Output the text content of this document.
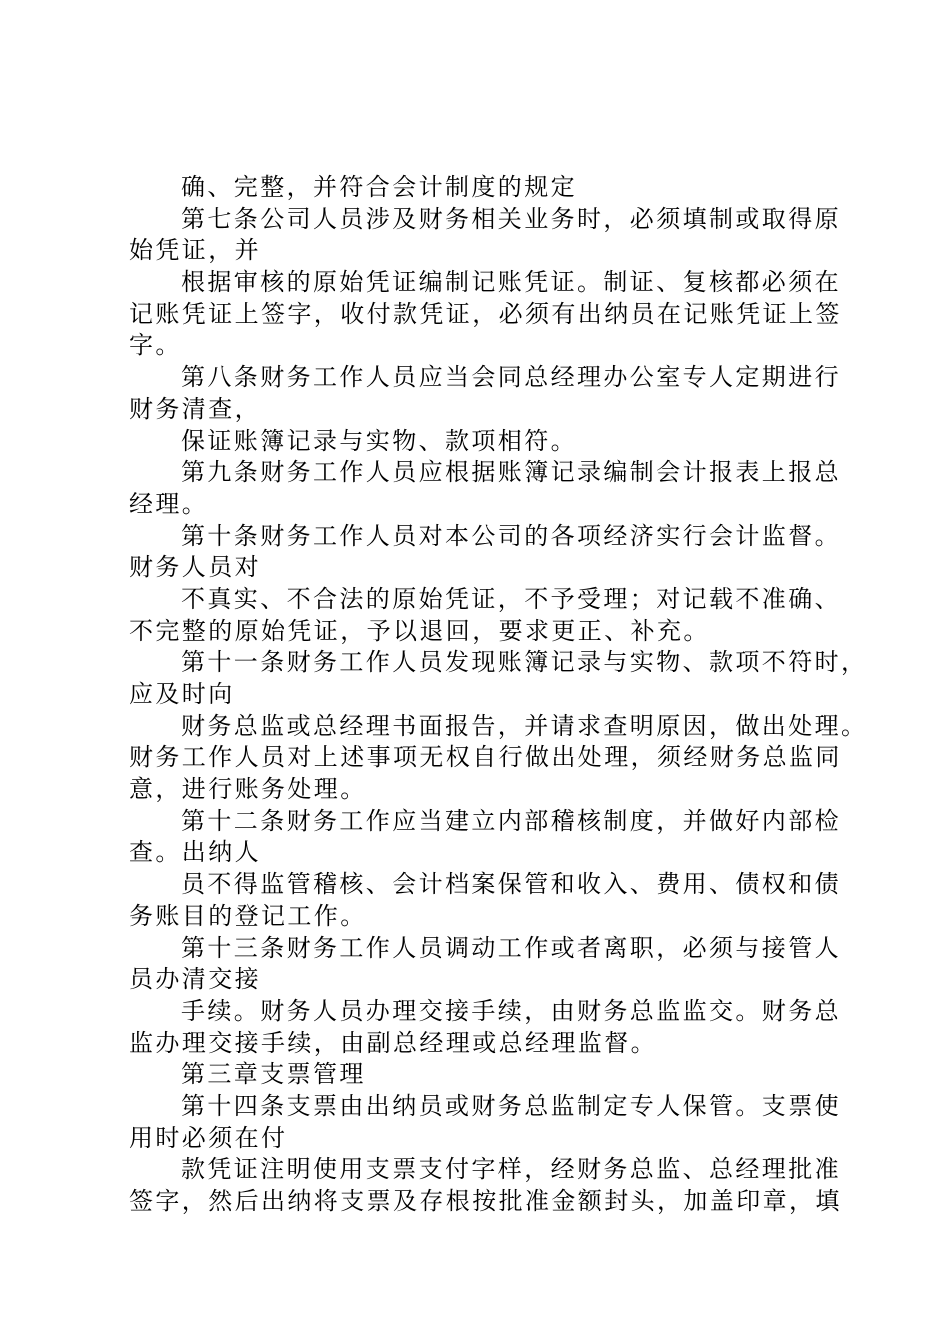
确、完整，并符合会计制度的规定
第七条公司人员涉及财务相关业务时，必须填制或取得原
始凭证，并
根据审核的原始凭证编制记账凭证。制证、复核都必须在
记账凭证上签字，收付款凭证，必须有出纳员在记账凭证上签
字。
第八条财务工作人员应当会同总经理办公室专人定期进行
财务清查，
保证账簿记录与实物、款项相符。
第九条财务工作人员应根据账簿记录编制会计报表上报总
经理。
第十条财务工作人员对本公司的各项经济实行会计监督。
财务人员对
不真实、不合法的原始凭证，不予受理；对记载不准确、
不完整的原始凭证，予以退回，要求更正、补充。
第十一条财务工作人员发现账簿记录与实物、款项不符时，
应及时向
财务总监或总经理书面报告，并请求查明原因，做出处理。
财务工作人员对上述事项无权自行做出处理，须经财务总监同
意，进行账务处理。
第十二条财务工作应当建立内部稽核制度，并做好内部检
查。出纳人
员不得监管稽核、会计档案保管和收入、费用、债权和债
务账目的登记工作。
第十三条财务工作人员调动工作或者离职，必须与接管人
员办清交接
手续。财务人员办理交接手续，由财务总监监交。财务总
监办理交接手续，由副总经理或总经理监督。
第三章支票管理
第十四条支票由出纳员或财务总监制定专人保管。支票使
用时必须在付
款凭证注明使用支票支付字样，经财务总监、总经理批准
签字，然后出纳将支票及存根按批准金额封头，加盖印章，填
